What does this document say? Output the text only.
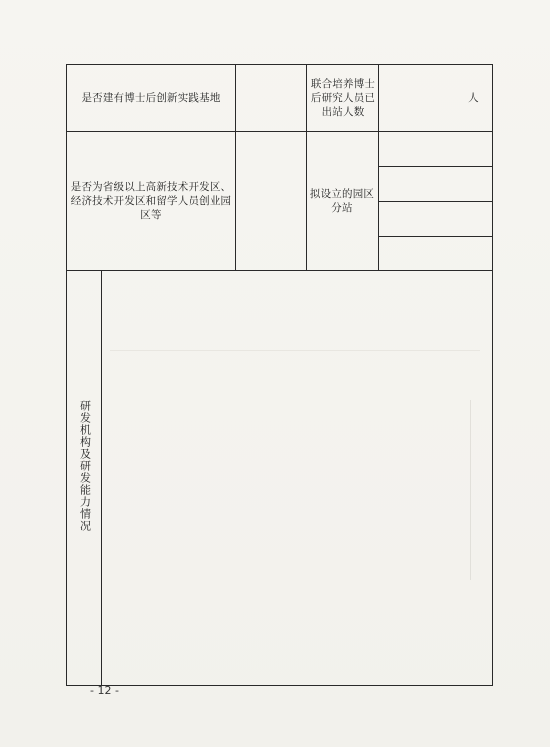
是否建有博士后创新实践基地
联合培养博士后研究人员已出站人数
人
是否为省级以上高新技术开发区、经济技术开发区和留学人员创业园区等
拟设立的园区分站
研发机构及研发能力情况
- 12 -
